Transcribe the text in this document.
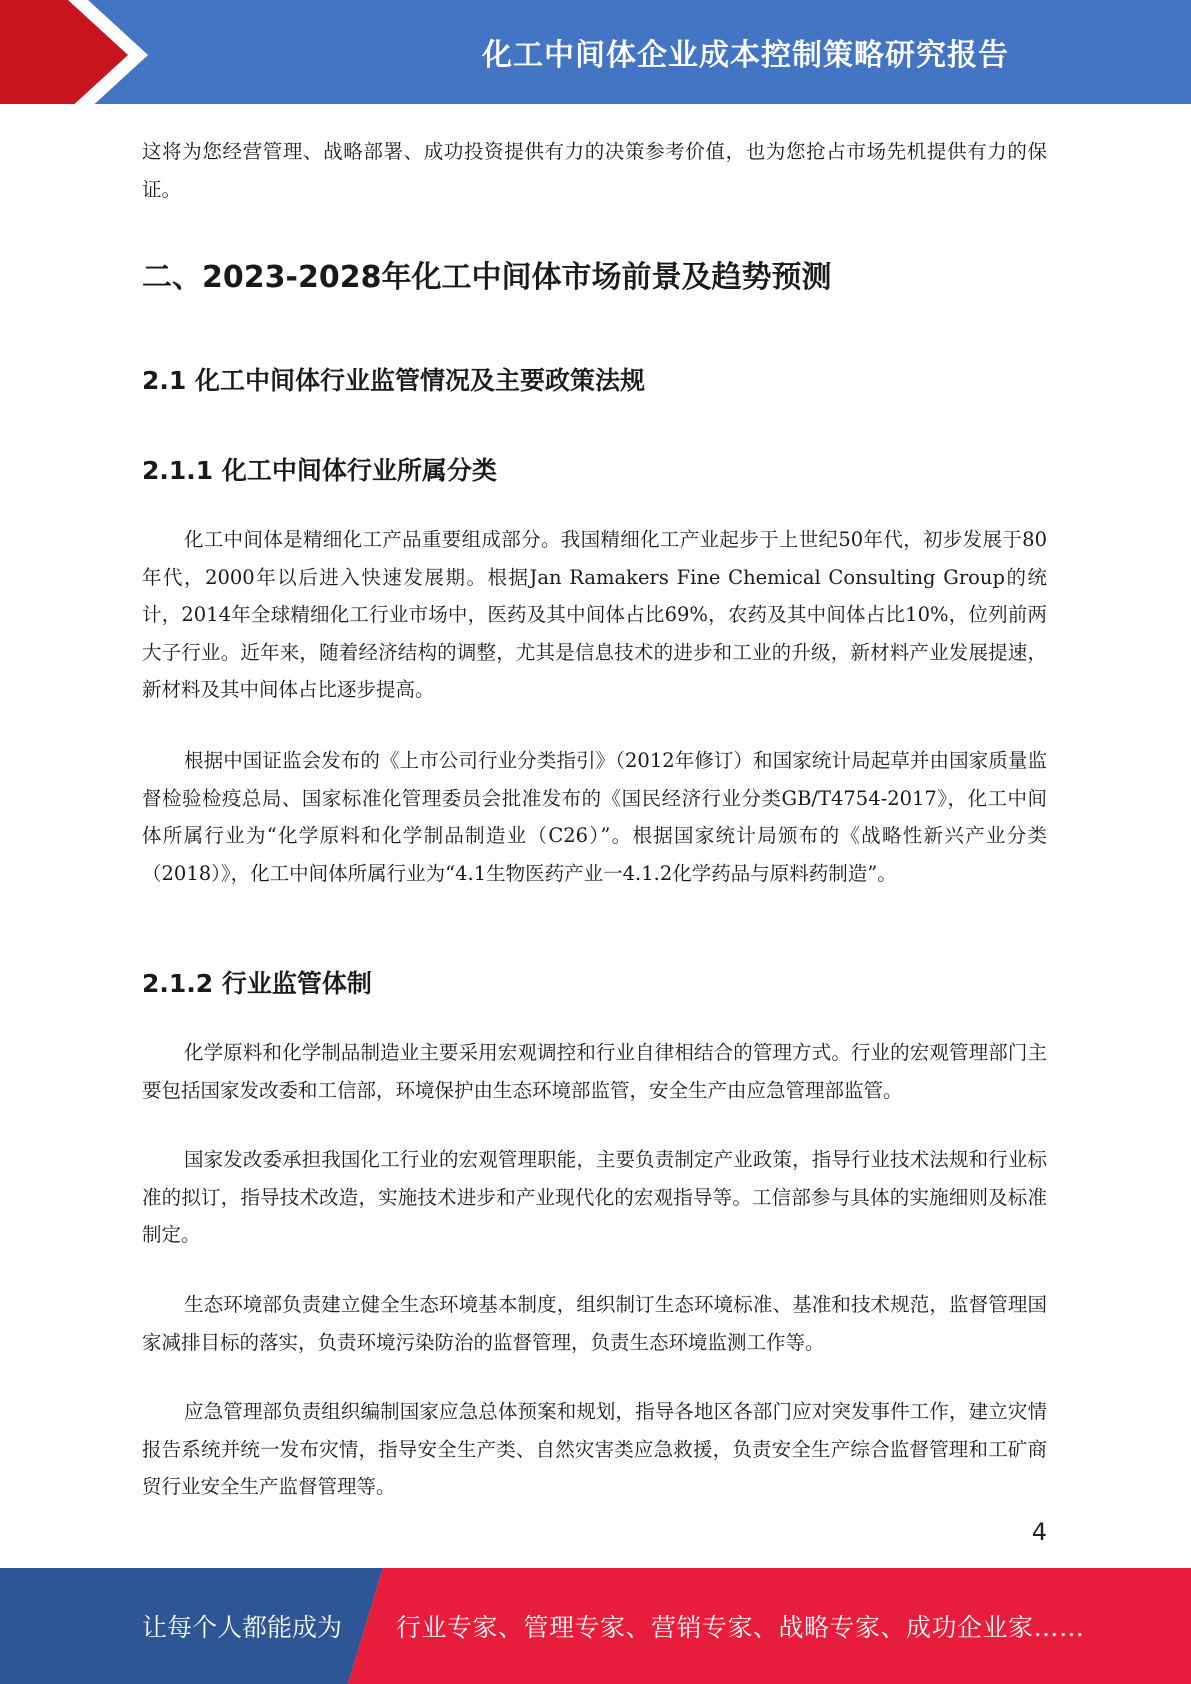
化工中间体企业成本控制策略研究报告

这将为您经营管理、战略部署、成功投资提供有力的决策参考价值，也为您抢占市场先机提供有力的保证。

二、2023-2028年化工中间体市场前景及趋势预测
2.1 化工中间体行业监管情况及主要政策法规
2.1.1 化工中间体行业所属分类

化工中间体是精细化工产品重要组成部分。我国精细化工产业起步于上世纪50年代，初步发展于80年代，2000年以后进入快速发展期。根据Jan Ramakers Fine Chemical Consulting Group的统计，2014年全球精细化工行业市场中，医药及其中间体占比69%，农药及其中间体占比10%，位列前两大子行业。近年来，随着经济结构的调整，尤其是信息技术的进步和工业的升级，新材料产业发展提速，新材料及其中间体占比逐步提高。

根据中国证监会发布的《上市公司行业分类指引》（2012年修订）和国家统计局起草并由国家质量监督检验检疫总局、国家标准化管理委员会批准发布的《国民经济行业分类GB/T4754-2017》，化工中间体所属行业为“化学原料和化学制品制造业（C26）”。根据国家统计局颁布的《战略性新兴产业分类（2018）》，化工中间体所属行业为“4.1生物医药产业一4.1.2化学药品与原料药制造”。

2.1.2 行业监管体制

化学原料和化学制品制造业主要采用宏观调控和行业自律相结合的管理方式。行业的宏观管理部门主要包括国家发改委和工信部，环境保护由生态环境部监管，安全生产由应急管理部监管。

国家发改委承担我国化工行业的宏观管理职能，主要负责制定产业政策，指导行业技术法规和行业标准的拟订，指导技术改造，实施技术进步和产业现代化的宏观指导等。工信部参与具体的实施细则及标准制定。

生态环境部负责建立健全生态环境基本制度，组织制订生态环境标准、基准和技术规范，监督管理国家减排目标的落实，负责环境污染防治的监督管理，负责生态环境监测工作等。

应急管理部负责组织编制国家应急总体预案和规划，指导各地区各部门应对突发事件工作，建立灾情报告系统并统一发布灾情，指导安全生产类、自然灾害类应急救援，负责安全生产综合监督管理和工矿商贸行业安全生产监督管理等。

4
让每个人都能成为 行业专家、管理专家、营销专家、战略专家、成功企业家……
